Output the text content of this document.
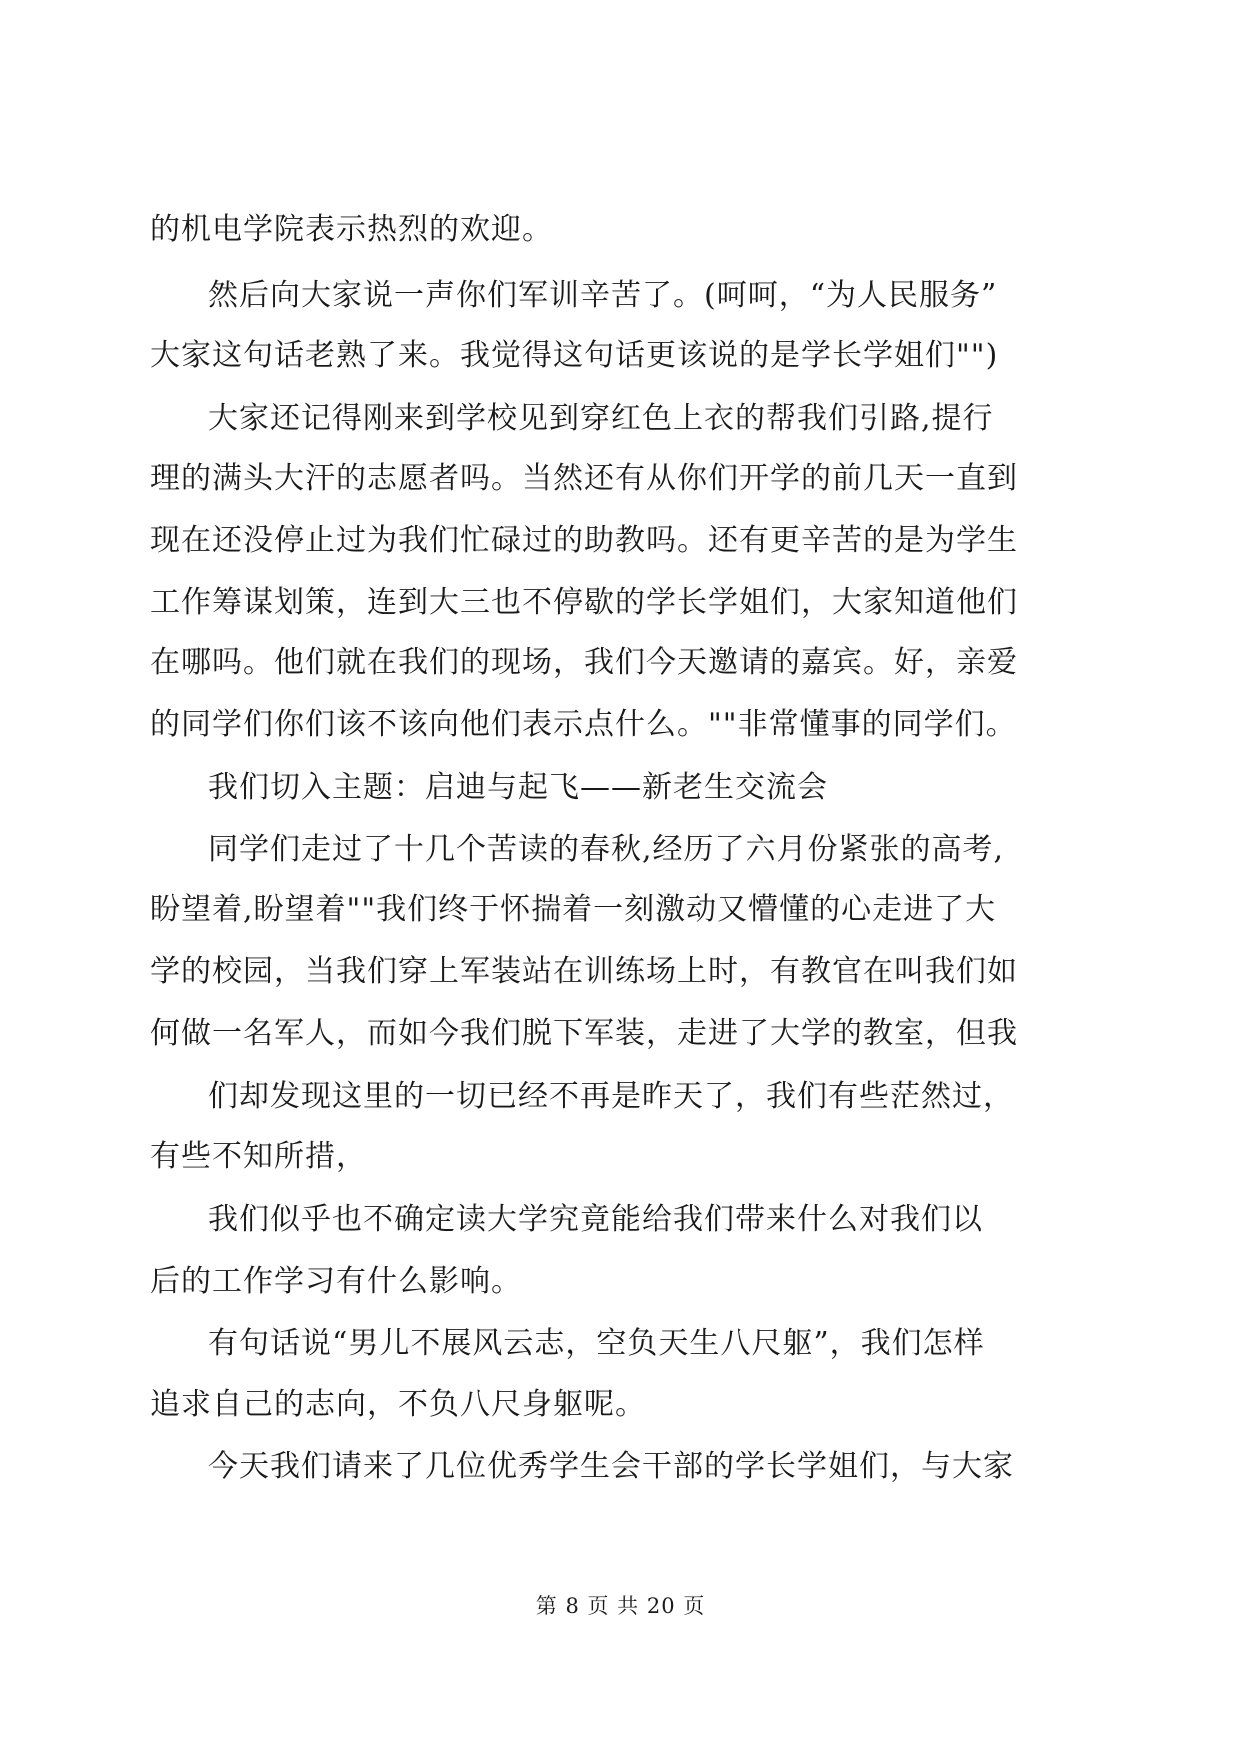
的机电学院表示热烈的欢迎。
然后向大家说一声你们军训辛苦了。(呵呵，“为人民服务”
大家这句话老熟了来。我觉得这句话更该说的是学长学姐们"")
大家还记得刚来到学校见到穿红色上衣的帮我们引路,提行
理的满头大汗的志愿者吗。当然还有从你们开学的前几天一直到
现在还没停止过为我们忙碌过的助教吗。还有更辛苦的是为学生
工作筹谋划策，连到大三也不停歇的学长学姐们，大家知道他们
在哪吗。他们就在我们的现场，我们今天邀请的嘉宾。好，亲爱
的同学们你们该不该向他们表示点什么。""非常懂事的同学们。
我们切入主题：启迪与起飞——新老生交流会
同学们走过了十几个苦读的春秋,经历了六月份紧张的高考,
盼望着,盼望着""我们终于怀揣着一刻激动又懵懂的心走进了大
学的校园，当我们穿上军装站在训练场上时，有教官在叫我们如
何做一名军人，而如今我们脱下军装，走进了大学的教室，但我
们却发现这里的一切已经不再是昨天了，我们有些茫然过，
有些不知所措，
我们似乎也不确定读大学究竟能给我们带来什么对我们以
后的工作学习有什么影响。
有句话说“男儿不展风云志，空负天生八尺躯”，我们怎样
追求自己的志向，不负八尺身躯呢。
今天我们请来了几位优秀学生会干部的学长学姐们，与大家
第 8 页 共 20 页
